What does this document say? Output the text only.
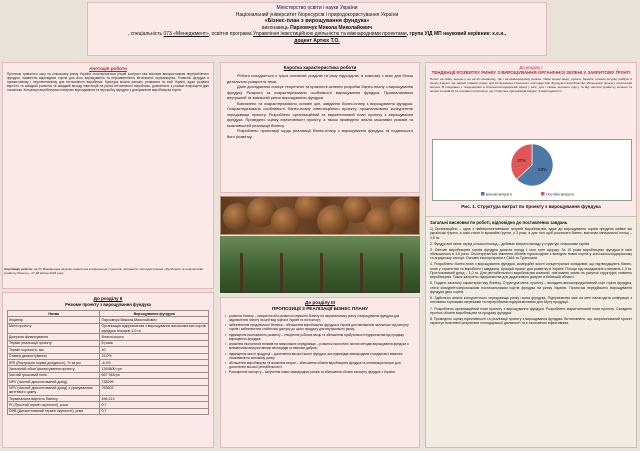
Міністерство освіти і науки України
Національний університет біоресурсів і природокористування України
«Бізнес-план з вирощування фундука»
виконавець Пархомчук Микола Миколайович
, спеціальність 073 «Менеджмент», освітня програма Управління інвестиційною діяльністю та міжнародними проектами, група УІД МП науковий керівник: к.е.н.,
доцент Артюх Т.О.
Анотація роботи
Протягом тривалого часу на сільському ринку України спостерігається різкий контраст між високим використанням переробленого фундука, наявністю відповідних сортів для його вирощування та нерозвиненістю вітчизняної горіхівництва. Розвиток фундука в промисловому і перспективному для вітчизняного виробника. Культура можна успішно розвивати по всій Україні, адже розумна вартість та швидкий розвиток та швидкий виходу інвестицій на ринок вітчизняного виробника, дозволяють з роками покращити дані показники. Концепція виробництва стимулює вирощування та переробку фундука з урахуванням виробництва сортів.
Апробація роботи: на VII Міжнародна науково-практична конференція студентів, аспірантів і молодих вчених «Проблеми та перспективи розвитку бізнесу», 27-28 квітня 2023 року
Коротка характеристика роботи

Робота складається з трьох основних розділів та рішу підрозділів, в кожному з яких для більш детального розкриття теми.

Дане дослідження описує теоретичні та практичні аспекти розробки бізнес-плану з вирощування фундуку. Розкрито та охарактеризовано особливості вирощування фундука. Проаналізовано внутрішній та зовнішній ринок вирощування фундука.

Визначено та охарактеризовано основні цілі, завдання бізнес-плану з вирощування фундука. Охарактеризовано особливості бізнес-плану інвестиційного проекту, проаналізовано конкурентне середовище проекту. Розроблено організаційний та маркетинговий план проекту з вирощування фундука. Проведено оцінку ефективності проекту, а також проведено аналіз можливих ризиків та можливостей реалізації бізнесу.

Розроблено пропозиції щодо реалізації бізнес-плану з вирощування фундука та подальшого його розвитку.

До розділу І
ТЕНДЕНЦІЇ РОЗВИТКУ РИНКУ З ВИРОЩУВАННЯ ОРГАНІЧНОЇ ЗЕЛЕНІ У ЗАКРИТОМУ ҐРУНТІ
Попит на свіжу зелень є не на вітчизняному, так і на міжнародному ринках. Свіжі зелені види, рукола, базилік, цілинні інсуліці ройбуш в якому взагалі. Це наразі ставало ринку для вітчизняного сільського господарства. Зрощуючі виробництво збільшення проекту пропозиція висока. В поєднанні з тенденціями в сільськогосподарській сфері у всіх, для і своєю зеленого сорту та від частини розвитку зеленої та зелені споживчої та основної пропозиції, що стимулює підприємців вигідні та вирощувати їх.
63%
37%
Білкові витрати	Постійні витрати
Рис. 1. Структура витрат по проекту з вирощування фундука
До розділу II
Резюме проекту з вирощування фундука
Назва	Вирощування фундука
Ініціатор	Пархомчук Микола Миколайович
Мета проекту	Організація підприємства з вирощування високоякісних сортів фундука площею 1,0 га
Джерела фінансування	Власні кошти
Термін реалізації проекту	5 років
Термін окупності, міс.	40
Ставка дисконтування	15,0%
IRR (Внутрішня норма дохідності), % за рік	-6,3%
Загальний обсяг фінансування проекту	1393800 грн
Чистий грошовий потік	657 944грн
NPV (Чистий дисконтований дохід)	738299
NPV (Чистий дисконтований дохід) з урахуванням життєвого циклу	763602
Термінальна вартість бізнесу	456 213
PI (Простий термін окупності), роки	0,7
DPB (Дисконтований термін окупності), роки	0,7
До розділу III
ПРОПОЗИЦІЇ З РЕАЛІЗАЦІЇ БІЗНЕС ПЛАНУ
• розвиток бізнесу – створення або розвиток існуючого бізнесу на національному ринку з вирощування фундука для задоволення попиту на цей вид горіха в Україні та на експорт;
• забезпечення продовольчої безпеки – збільшення виробництва фундука в Україні для зменшення залежності від імпорту горіхів і забезпечення стабільних доступу до цього продукту для внутрішнього ринку;
• підвищення економічного розвитку – створення робочих місць та збільшення прибутковості підприємства від продажу вирощеного фундука;
• зниження екологічних впливів на навколишнє середовище – розвиток екологічно чистих методів вирощування фундука з мінімальним використанням пестицидів та хімічних добрив;
• підвищення якості продукції – досягнення високої якості фундука, яка відповідає міжнародним стандартам і вимогам споживачів на світовому ринку;
• збільшення виробництва та зниження витрат – збільшення обсягів виробництва фундука та оптимізація витрат для досягнення високої рентабельності;
• Розширення експорту – залучення нових міжнародних ринків та збільшення обсягів експорту фундука з України.
Загальні висновки по роботі, відповідно до поставлених завдань

1) Організаційно – одна з найперспективніших галузей виробництва, адже до вирощування горіхів придатні майже всі українські ґрунти, а самі стали їх врожайні ґрунти, у 3 роки, а для того щоб розпочати бізнес, вистачає мінімальної площі – 0,5 га.

2. Фундук все ганяє серед сільськогоспод – добиває витрати вкладу у структурі сільськими горіхів.

3. Світове виробництво горіхів фундука досягає понад 1 млн тонн щороку. За 10 років виробництво фундука в світі збільшилося в 1,5 рази. Спостерігається змінення обсягів горіхосхідних з виходом нових сортів у сільськогосподарському та аграрному секторі. Основні експортерами є США та Туреччина.

4. Розроблено бізнес-план з вирощування фундука, комерційні якості концептуальні складових, що підтверджують бізнес-план у стратегічні та виробничі і завдання. Кращий проект для розвитку в Україні. Площа під насадження становить 1,0 га. Прогнозований дохід – 1,0 га. Для рентабельності виробництва компанії, пов'язаних знань на рахунок структурні, повинно виробництва. Також залучено підприємства для додаткового джерел в Київській області.

5. Подано загальну характеристику бізнесу. Структура мета: проекту – вкладити високопродуктивний сорт горіха фундука, стати конкурентоспроможним постачальником сортів фундука на ринку України. Проектом передбачено вирощування фундука двох сортів.

6. Здійснено аналіз конкурентного середовища ринку горіха фундука. Підприємство має на меті налагодити співпрацю з оптовими торговими мережами та переробними підприємствами для збуту продукції.

7. Розроблено організаційний план проекту з вирощування фундука. Розроблено маркетинговий план проекту. Складено прогноз обсягів виробництва та продажу фундука.

8. Проведено оцінку ефективності та реалізації проекту з вирощування фундука. Встановлено, що запропонований проект гарантує позитивні результати господарської діяльності та є економічно ефективним.
